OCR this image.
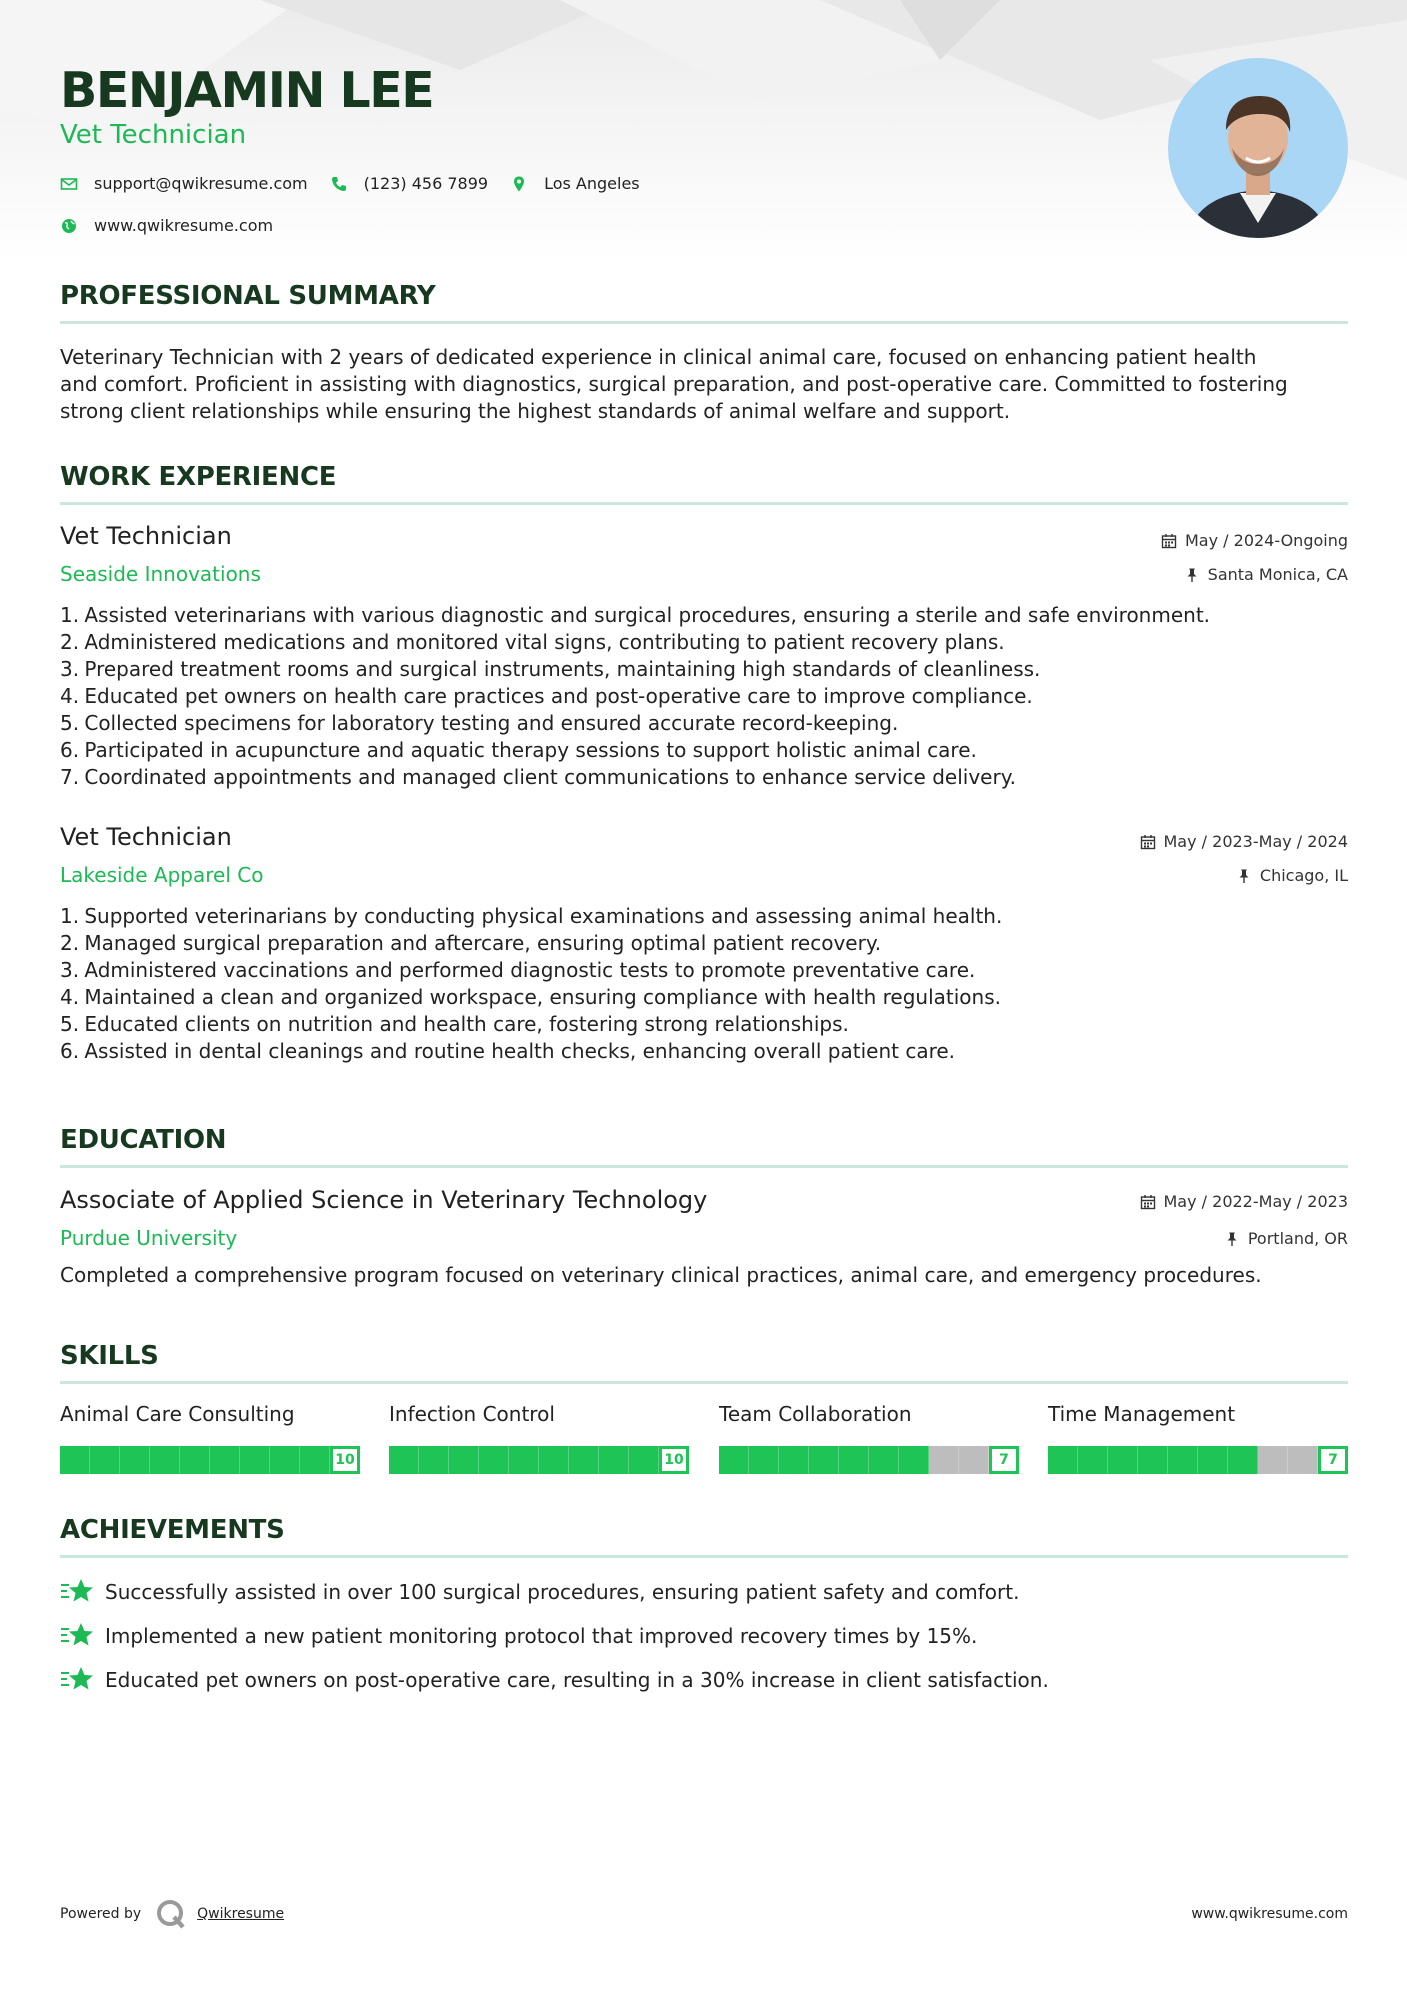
BENJAMIN LEE
Vet Technician
support@qwikresume.com	(123) 456 7899	Los Angeles
www.qwikresume.com
PROFESSIONAL SUMMARY
Veterinary Technician with 2 years of dedicated experience in clinical animal care, focused on enhancing patient health
and comfort. Proficient in assisting with diagnostics, surgical preparation, and post-operative care. Committed to fostering
strong client relationships while ensuring the highest standards of animal welfare and support.
WORK EXPERIENCE
Vet Technician	May / 2024-Ongoing
Seaside Innovations	Santa Monica, CA
1. Assisted veterinarians with various diagnostic and surgical procedures, ensuring a sterile and safe environment.
2. Administered medications and monitored vital signs, contributing to patient recovery plans.
3. Prepared treatment rooms and surgical instruments, maintaining high standards of cleanliness.
4. Educated pet owners on health care practices and post-operative care to improve compliance.
5. Collected specimens for laboratory testing and ensured accurate record-keeping.
6. Participated in acupuncture and aquatic therapy sessions to support holistic animal care.
7. Coordinated appointments and managed client communications to enhance service delivery.
Vet Technician	May / 2023-May / 2024
Lakeside Apparel Co	Chicago, IL
1. Supported veterinarians by conducting physical examinations and assessing animal health.
2. Managed surgical preparation and aftercare, ensuring optimal patient recovery.
3. Administered vaccinations and performed diagnostic tests to promote preventative care.
4. Maintained a clean and organized workspace, ensuring compliance with health regulations.
5. Educated clients on nutrition and health care, fostering strong relationships.
6. Assisted in dental cleanings and routine health checks, enhancing overall patient care.
EDUCATION
Associate of Applied Science in Veterinary Technology	May / 2022-May / 2023
Purdue University	Portland, OR
Completed a comprehensive program focused on veterinary clinical practices, animal care, and emergency procedures.
SKILLS
Animal Care Consulting
10
Infection Control
10
Team Collaboration
7
Time Management
7
ACHIEVEMENTS
Successfully assisted in over 100 surgical procedures, ensuring patient safety and comfort.
Implemented a new patient monitoring protocol that improved recovery times by 15%.
Educated pet owners on post-operative care, resulting in a 30% increase in client satisfaction.
Powered by	Qwikresume	www.qwikresume.com
